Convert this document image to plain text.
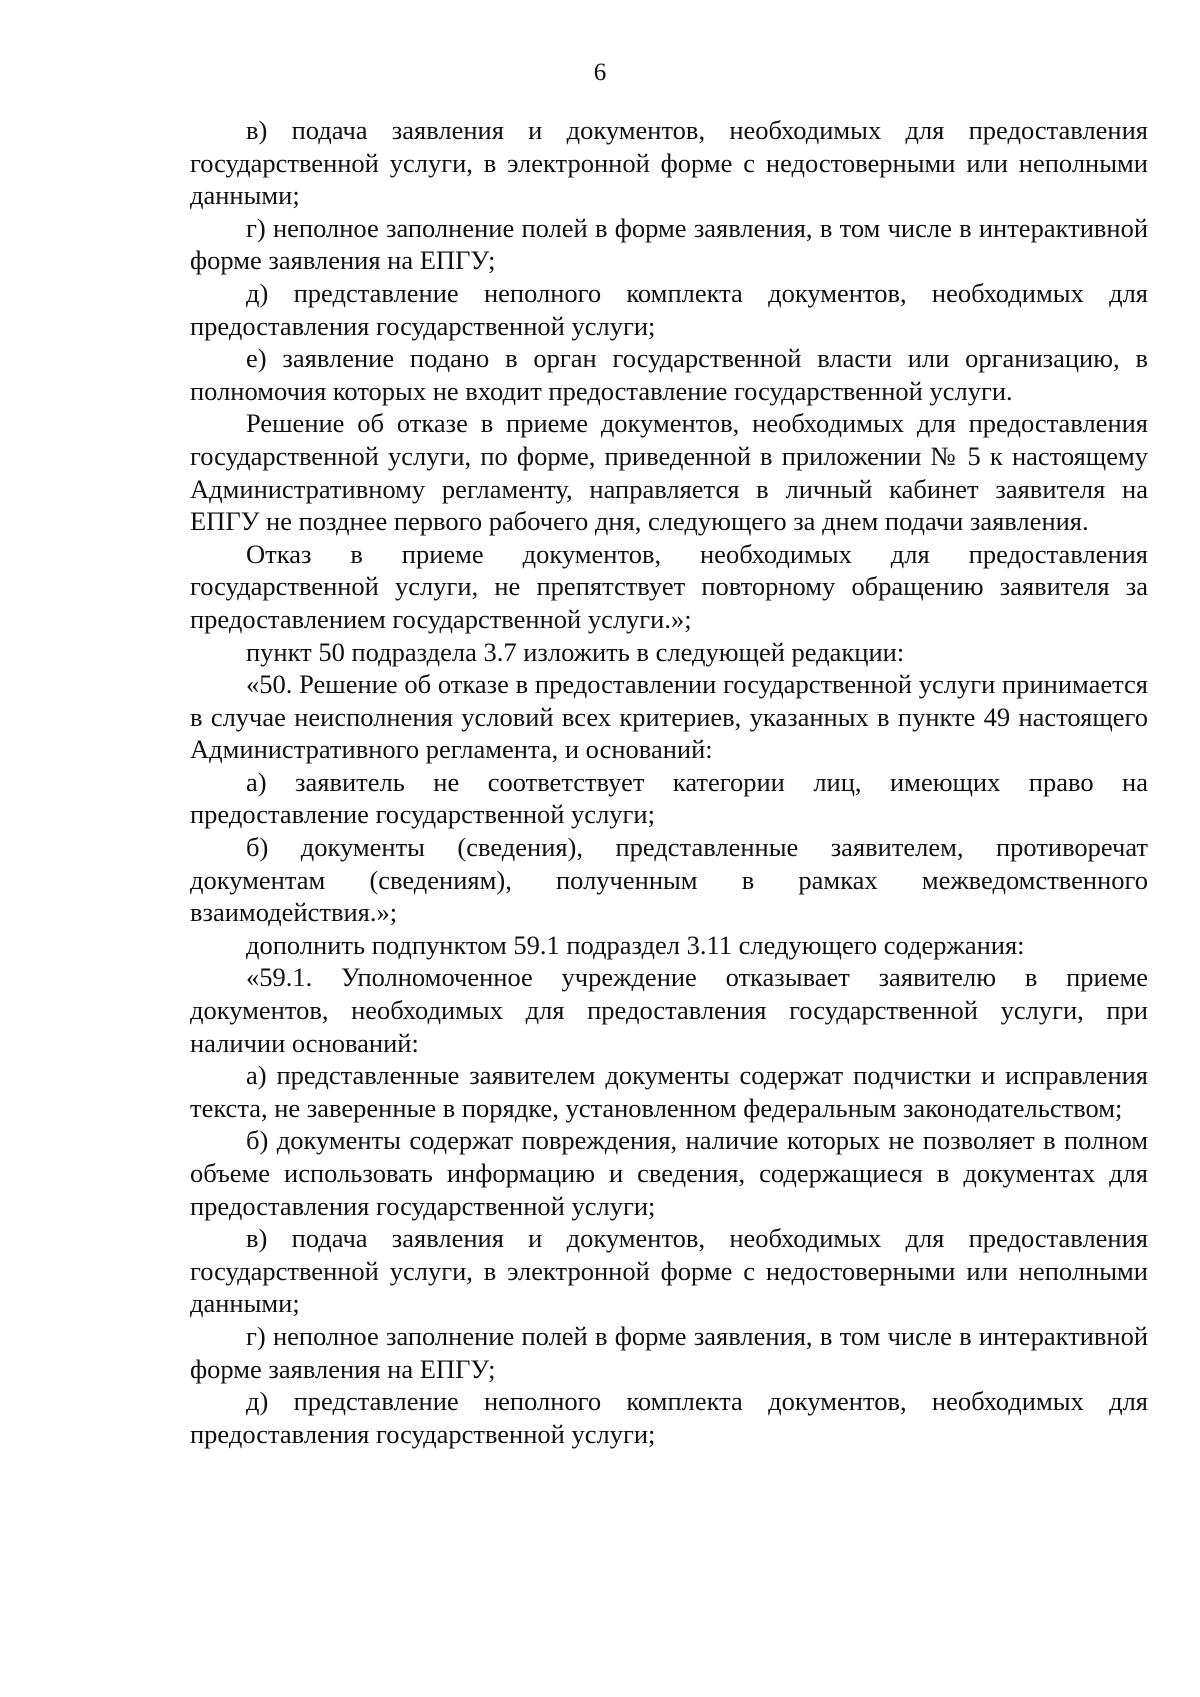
6

в) подача заявления и документов, необходимых для предоставления государственной услуги, в электронной форме с недостоверными или неполными данными;

г) неполное заполнение полей в форме заявления, в том числе в интерактивной форме заявления на ЕПГУ;

д) представление неполного комплекта документов, необходимых для предоставления государственной услуги;

е) заявление подано в орган государственной власти или организацию, в полномочия которых не входит предоставление государственной услуги.

Решение об отказе в приеме документов, необходимых для предоставления государственной услуги, по форме, приведенной в приложении № 5 к настоящему Административному регламенту, направляется в личный кабинет заявителя на ЕПГУ не позднее первого рабочего дня, следующего за днем подачи заявления.

Отказ в приеме документов, необходимых для предоставления государственной услуги, не препятствует повторному обращению заявителя за предоставлением государственной услуги.»;

пункт 50 подраздела 3.7 изложить в следующей редакции:

«50. Решение об отказе в предоставлении государственной услуги принимается в случае неисполнения условий всех критериев, указанных в пункте 49 настоящего Административного регламента, и оснований:

а) заявитель не соответствует категории лиц, имеющих право на предоставление государственной услуги;

б) документы (сведения), представленные заявителем, противоречат документам (сведениям), полученным в рамках межведомственного взаимодействия.»;

дополнить подпунктом 59.1 подраздел 3.11 следующего содержания:

«59.1. Уполномоченное учреждение отказывает заявителю в приеме документов, необходимых для предоставления государственной услуги, при наличии оснований:

а) представленные заявителем документы содержат подчистки и исправления текста, не заверенные в порядке, установленном федеральным законодательством;

б) документы содержат повреждения, наличие которых не позволяет в полном объеме использовать информацию и сведения, содержащиеся в документах для предоставления государственной услуги;

в) подача заявления и документов, необходимых для предоставления государственной услуги, в электронной форме с недостоверными или неполными данными;

г) неполное заполнение полей в форме заявления, в том числе в интерактивной форме заявления на ЕПГУ;

д) представление неполного комплекта документов, необходимых для предоставления государственной услуги;
